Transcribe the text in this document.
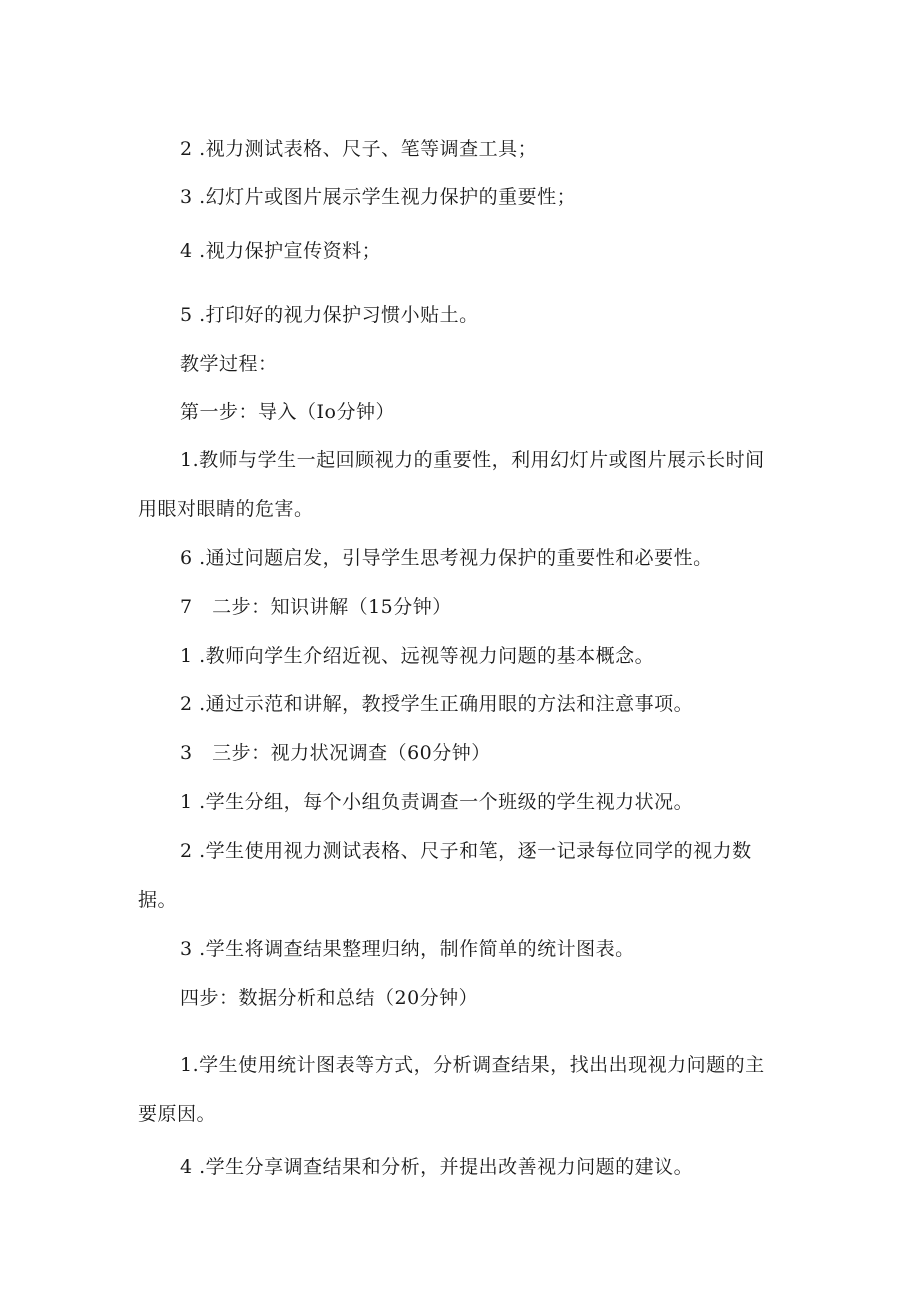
2 .视力测试表格、尺子、笔等调查工具；
3 .幻灯片或图片展示学生视力保护的重要性；
4 .视力保护宣传资料；
5 .打印好的视力保护习惯小贴土。
教学过程：
第一步：导入（Io分钟）
1.教师与学生一起回顾视力的重要性，利用幻灯片或图片展示长时间
用眼对眼睛的危害。
6 .通过问题启发，引导学生思考视力保护的重要性和必要性。
7　二步：知识讲解（15分钟）
1 .教师向学生介绍近视、远视等视力问题的基本概念。
2 .通过示范和讲解，教授学生正确用眼的方法和注意事项。
3　三步：视力状况调查（60分钟）
1 .学生分组，每个小组负责调查一个班级的学生视力状况。
2 .学生使用视力测试表格、尺子和笔，逐一记录每位同学的视力数
据。
3 .学生将调查结果整理归纳，制作简单的统计图表。
四步：数据分析和总结（20分钟）
1.学生使用统计图表等方式，分析调查结果，找出出现视力问题的主
要原因。
4 .学生分享调查结果和分析，并提出改善视力问题的建议。
